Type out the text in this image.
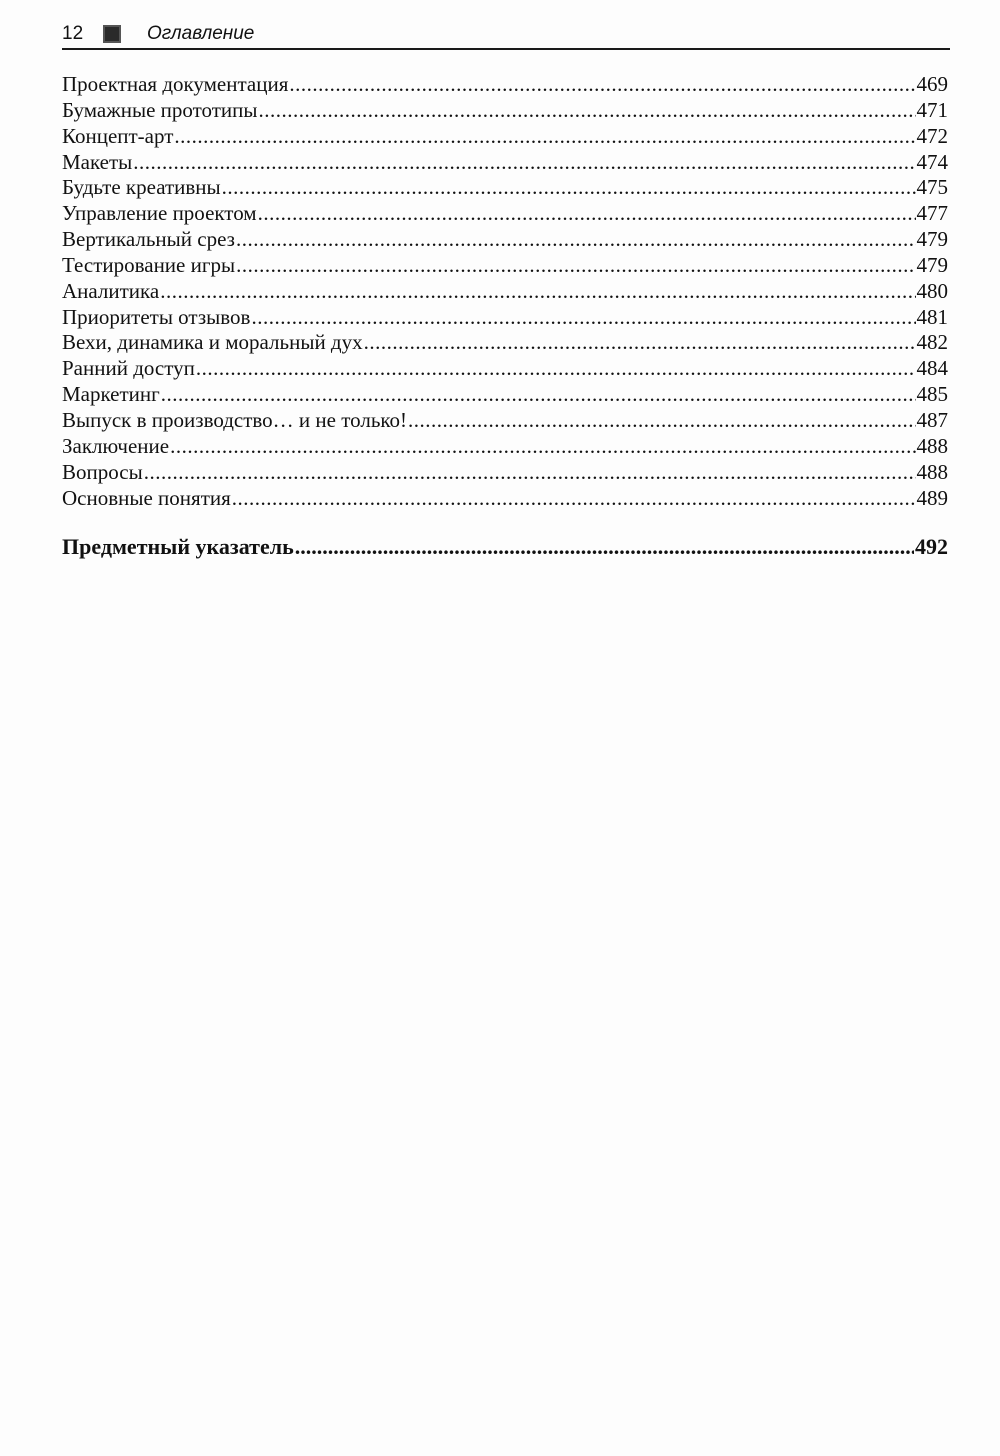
12	Оглавление
Проектная документация .....	469
Бумажные прототипы .....	471
Концепт-арт .....	472
Макеты .....	474
Будьте креативны .....	475
Управление проектом .....	477
Вертикальный срез .....	479
Тестирование игры .....	479
Аналитика .....	480
Приоритеты отзывов .....	481
Вехи, динамика и моральный дух .....	482
Ранний доступ .....	484
Маркетинг .....	485
Выпуск в производство… и не только! .....	487
Заключение .....	488
Вопросы .....	488
Основные понятия .....	489
Предметный указатель .....	492
